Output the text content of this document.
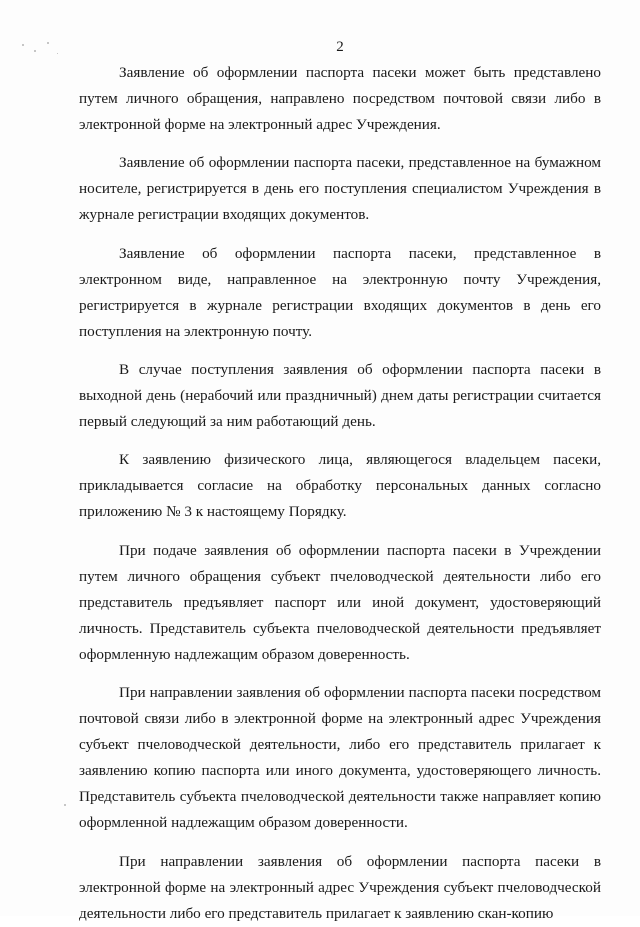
2

Заявление об оформлении паспорта пасеки может быть представлено путем личного обращения, направлено посредством почтовой связи либо в электронной форме на электронный адрес Учреждения.

Заявление об оформлении паспорта пасеки, представленное на бумажном носителе, регистрируется в день его поступления специалистом Учреждения в журнале регистрации входящих документов.

Заявление об оформлении паспорта пасеки, представленное в электронном виде, направленное на электронную почту Учреждения, регистрируется в журнале регистрации входящих документов в день его поступления на электронную почту.

В случае поступления заявления об оформлении паспорта пасеки в выходной день (нерабочий или праздничный) днем даты регистрации считается первый следующий за ним работающий день.

К заявлению физического лица, являющегося владельцем пасеки, прикладывается согласие на обработку персональных данных согласно приложению № 3 к настоящему Порядку.

При подаче заявления об оформлении паспорта пасеки в Учреждении путем личного обращения субъект пчеловодческой деятельности либо его представитель предъявляет паспорт или иной документ, удостоверяющий личность. Представитель субъекта пчеловодческой деятельности предъявляет оформленную надлежащим образом доверенность.

При направлении заявления об оформлении паспорта пасеки посредством почтовой связи либо в электронной форме на электронный адрес Учреждения субъект пчеловодческой деятельности, либо его представитель прилагает к заявлению копию паспорта или иного документа, удостоверяющего личность. Представитель субъекта пчеловодческой деятельности также направляет копию оформленной надлежащим образом доверенности.

При направлении заявления об оформлении паспорта пасеки в электронной форме на электронный адрес Учреждения субъект пчеловодческой деятельности либо его представитель прилагает к заявлению скан-копию
